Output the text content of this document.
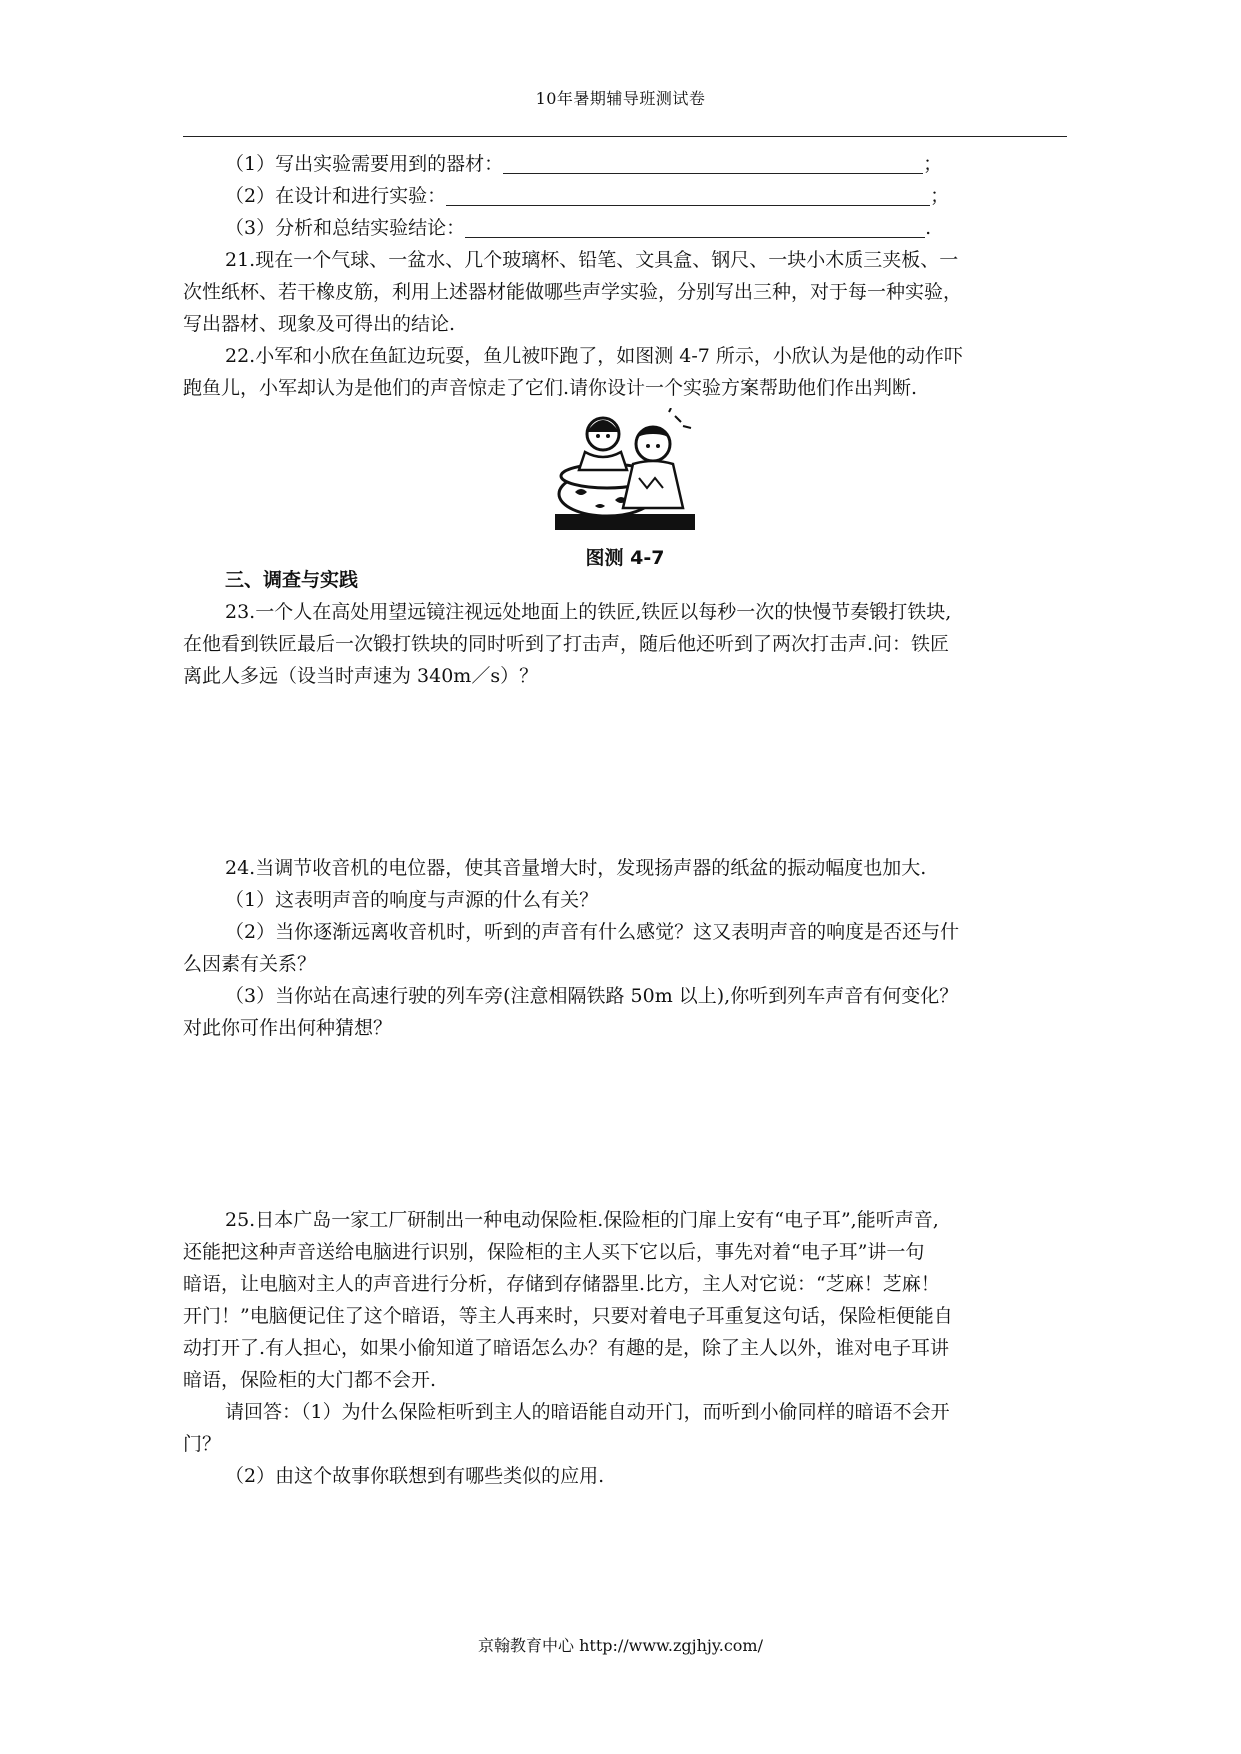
10年暑期辅导班测试卷
（1）写出实验需要用到的器材：	；
（2）在设计和进行实验：	；
（3）分析和总结实验结论：	.
21.现在一个气球、一盆水、几个玻璃杯、铅笔、文具盒、钢尺、一块小木质三夹板、一
次性纸杯、若干橡皮筋，利用上述器材能做哪些声学实验，分别写出三种，对于每一种实验，
写出器材、现象及可得出的结论.
22.小军和小欣在鱼缸边玩耍，鱼儿被吓跑了，如图测 4-7 所示，小欣认为是他的动作吓
跑鱼儿，小军却认为是他们的声音惊走了它们.请你设计一个实验方案帮助他们作出判断.
图测 4-7
三、调查与实践
23.一个人在高处用望远镜注视远处地面上的铁匠,铁匠以每秒一次的快慢节奏锻打铁块,
在他看到铁匠最后一次锻打铁块的同时听到了打击声，随后他还听到了两次打击声.问：铁匠
离此人多远（设当时声速为 340m／s）？
24.当调节收音机的电位器，使其音量增大时，发现扬声器的纸盆的振动幅度也加大.
（1）这表明声音的响度与声源的什么有关？
（2）当你逐渐远离收音机时，听到的声音有什么感觉？这又表明声音的响度是否还与什
么因素有关系？
（3）当你站在高速行驶的列车旁(注意相隔铁路 50m 以上),你听到列车声音有何变化？
对此你可作出何种猜想？
25.日本广岛一家工厂研制出一种电动保险柜.保险柜的门扉上安有“电子耳”,能听声音,
还能把这种声音送给电脑进行识别，保险柜的主人买下它以后，事先对着“电子耳”讲一句
暗语，让电脑对主人的声音进行分析，存储到存储器里.比方，主人对它说：“芝麻！芝麻！
开门！”电脑便记住了这个暗语，等主人再来时，只要对着电子耳重复这句话，保险柜便能自
动打开了.有人担心，如果小偷知道了暗语怎么办？有趣的是，除了主人以外，谁对电子耳讲
暗语，保险柜的大门都不会开.
请回答：（1）为什么保险柜听到主人的暗语能自动开门，而听到小偷同样的暗语不会开
门？
（2）由这个故事你联想到有哪些类似的应用.
京翰教育中心 http://www.zgjhjy.com/
